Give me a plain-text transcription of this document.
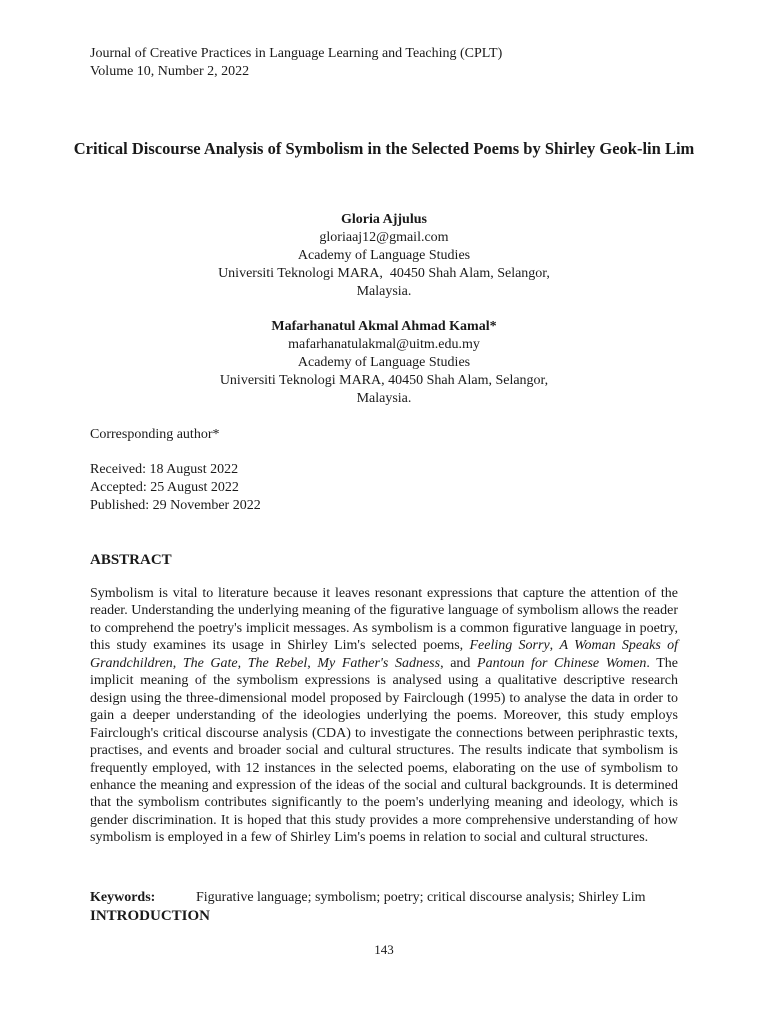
Journal of Creative Practices in Language Learning and Teaching (CPLT)
Volume 10, Number 2, 2022
Critical Discourse Analysis of Symbolism in the Selected Poems by Shirley Geok-lin Lim
Gloria Ajjulus
gloriaaj12@gmail.com
Academy of Language Studies
Universiti Teknologi MARA,  40450 Shah Alam, Selangor,
Malaysia.
Mafarhanatul Akmal Ahmad Kamal*
mafarhanatulakmal@uitm.edu.my
Academy of Language Studies
Universiti Teknologi MARA, 40450 Shah Alam, Selangor,
Malaysia.
Corresponding author*
Received: 18 August 2022
Accepted: 25 August 2022
Published: 29 November 2022
ABSTRACT

Symbolism is vital to literature because it leaves resonant expressions that capture the attention of the reader. Understanding the underlying meaning of the figurative language of symbolism allows the reader to comprehend the poetry's implicit messages. As symbolism is a common figurative language in poetry, this study examines its usage in Shirley Lim's selected poems, Feeling Sorry, A Woman Speaks of Grandchildren, The Gate, The Rebel, My Father's Sadness, and Pantoun for Chinese Women. The implicit meaning of the symbolism expressions is analysed using a qualitative descriptive research design using the three-dimensional model proposed by Fairclough (1995) to analyse the data in order to gain a deeper understanding of the ideologies underlying the poems. Moreover, this study employs Fairclough's critical discourse analysis (CDA) to investigate the connections between periphrastic texts, practises, and events and broader social and cultural structures. The results indicate that symbolism is frequently employed, with 12 instances in the selected poems, elaborating on the use of symbolism to enhance the meaning and expression of the ideas of the social and cultural backgrounds. It is determined that the symbolism contributes significantly to the poem's underlying meaning and ideology, which is gender discrimination. It is hoped that this study provides a more comprehensive understanding of how symbolism is employed in a few of Shirley Lim's poems in relation to social and cultural structures.

Keywords:	Figurative language; symbolism; poetry; critical discourse analysis; Shirley Lim
INTRODUCTION
143
